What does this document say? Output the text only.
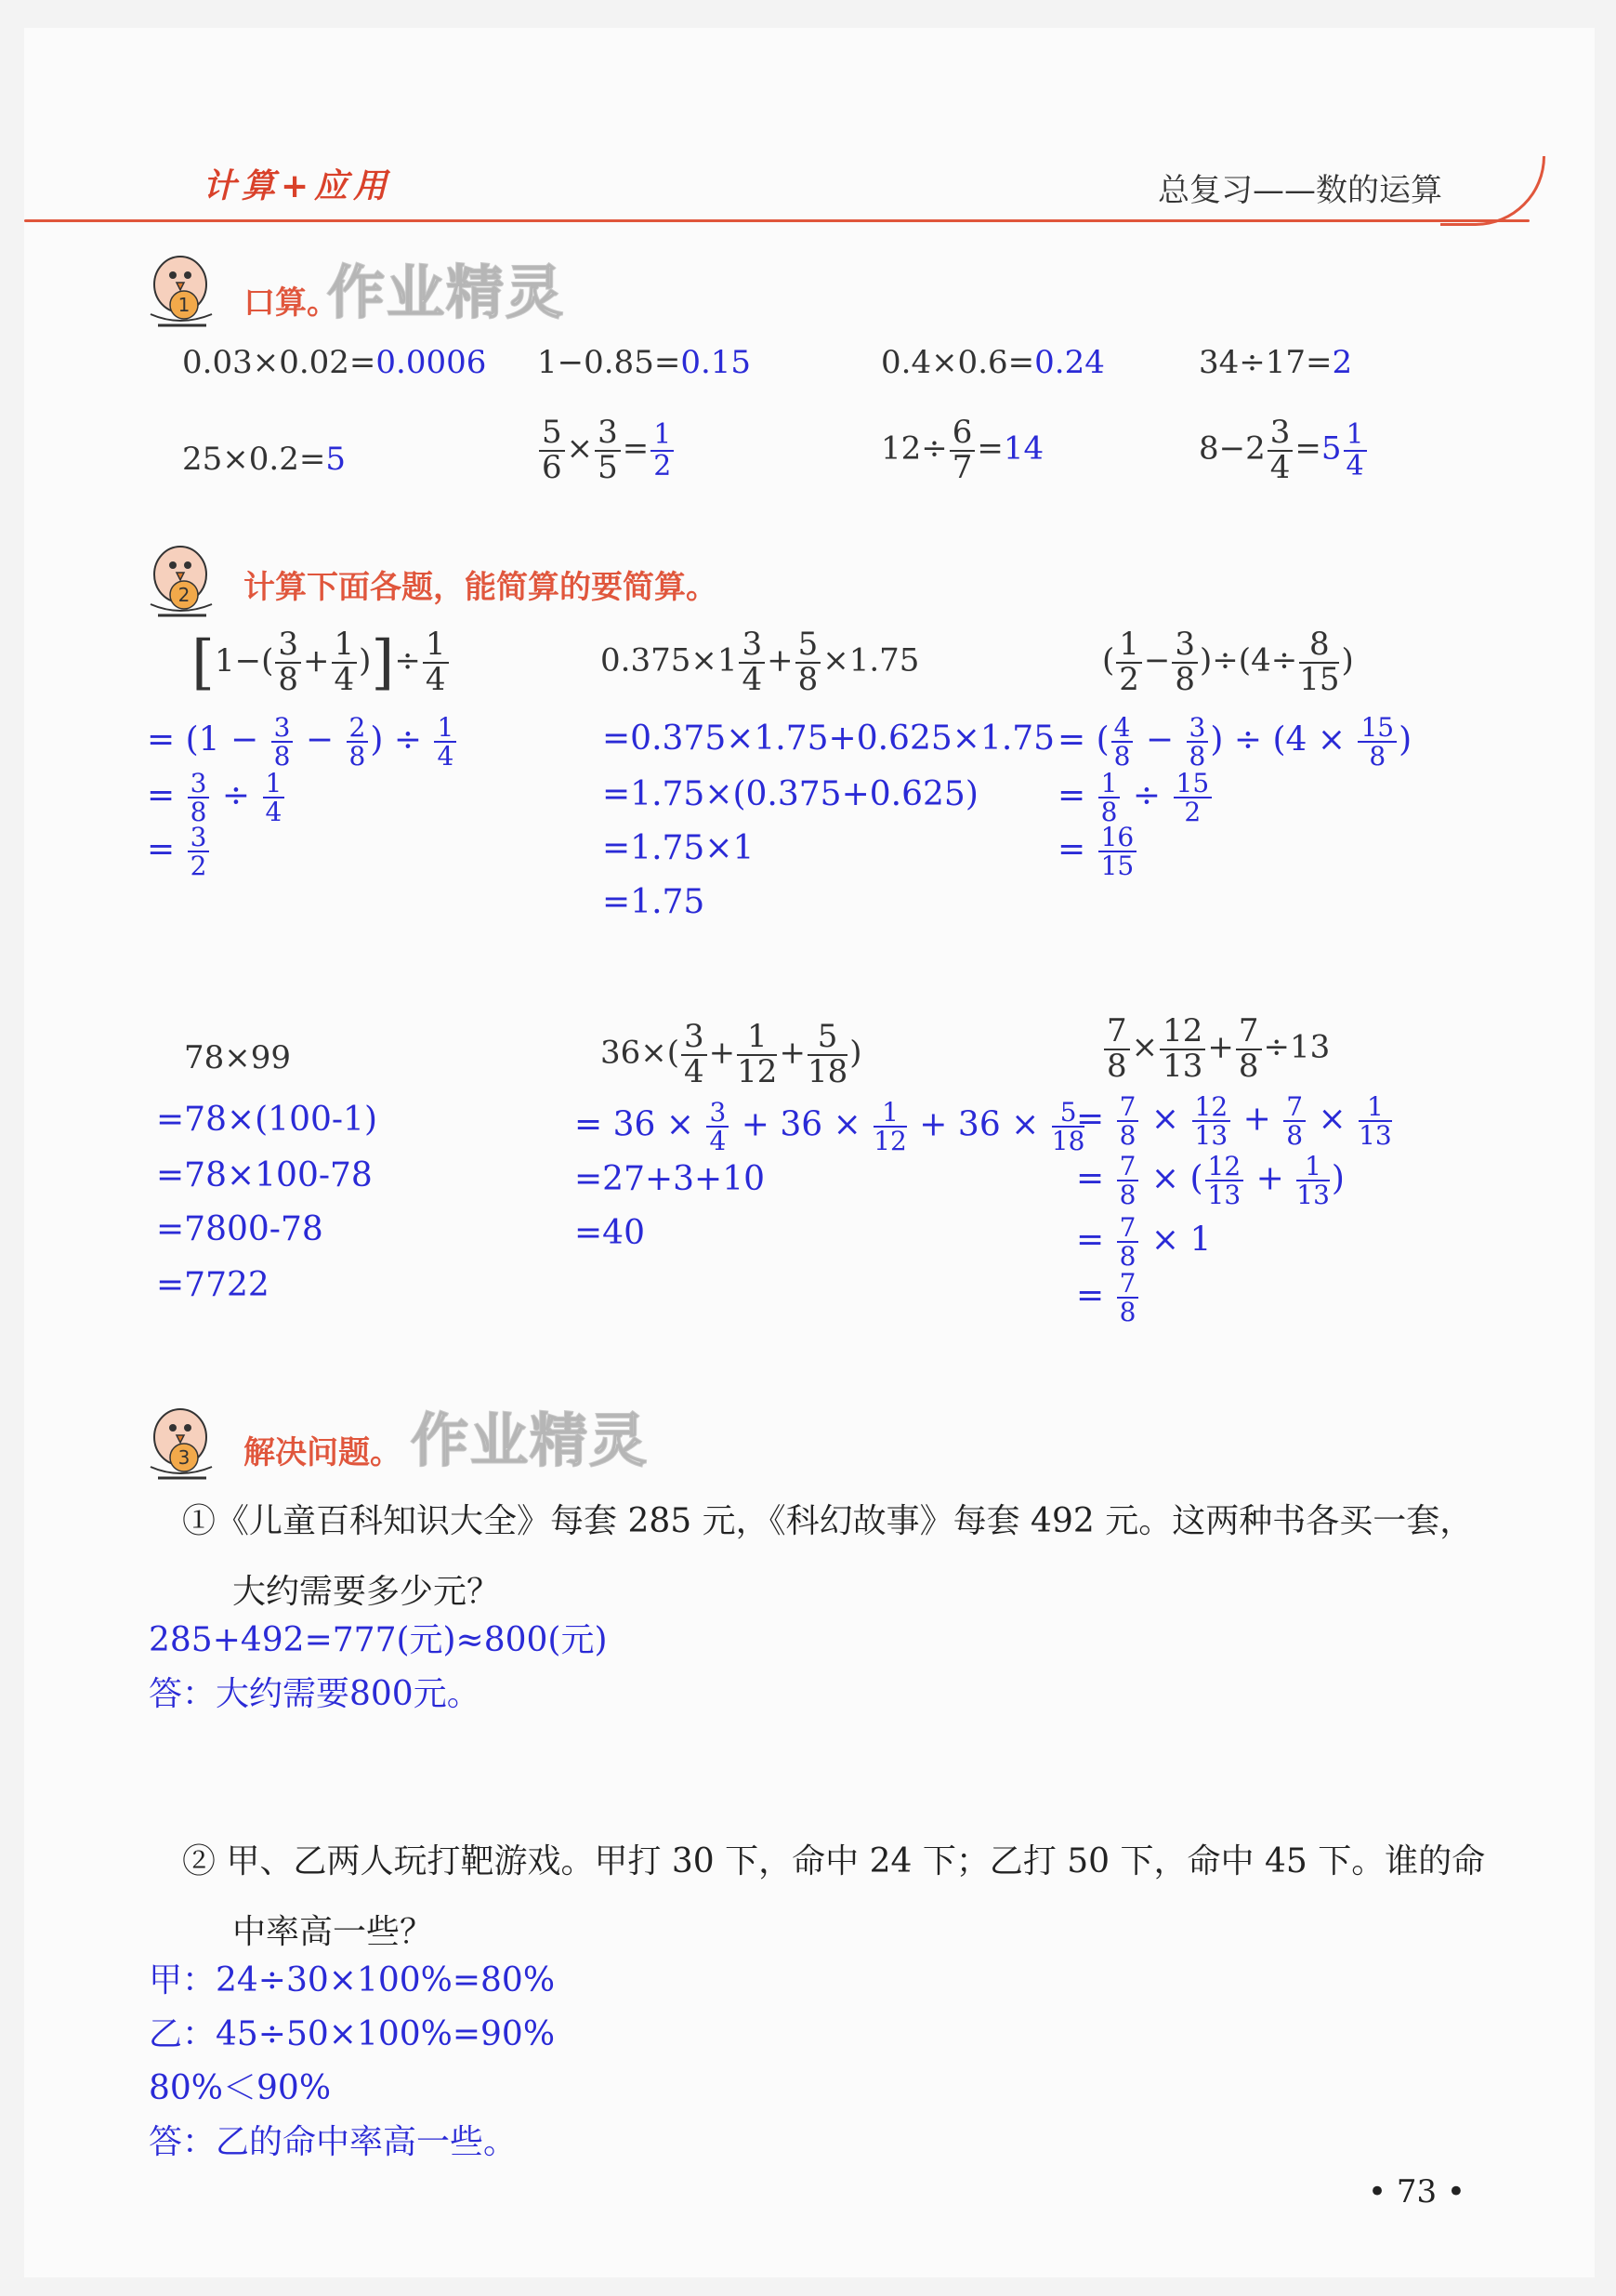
计算+应用	总复习——数的运算
1 口算。
作业精灵
0.03×0.02=0.0006 1−0.85=0.15	0.4×0.6=0.24	34÷17=2
25×0.2=5	$\frac{5}{6} \times \frac{3}{5} = \frac{1}{2}$	$12\div \frac{6}{7} =14$	$8-2 \frac{3}{4} =5 \frac{1}{4}$
2 计算下面各题，能简算的要简算。
[$1-( \frac{3}{8} + \frac{1}{4}$ )]÷ $\frac{1}{4}$
= ($1 - \frac{3}{8} - \frac{2}{8}$ ) ÷ $\frac{1}{4}$
= $\frac{3}{8} \div \frac{1}{4}$
= $\frac{3}{2}$
$0.375\times 1 \frac{3}{4} + \frac{5}{8} \times 1.75$
=0.375×1.75+0.625×1.75
=1.75×(0.375+0.625)
=1.75×1
=1.75
( $\frac{1}{2} - \frac{3}{8} )\div(4\div \frac{8}{15}$ )
= ( $\frac{4}{8} - \frac{3}{8}$ ) ÷ ($4 \times \frac{15}{8}$ )
= $\frac{1}{8} \div \frac{15}{2}$
= $\frac{16}{15}$
78×99
=78×(100-1)
=78×100-78
=7800-78
=7722
$36\times( \frac{3}{4} + \frac{1}{12} + \frac{5}{18}$ )
= $36 \times \frac{3}{4} + 36 \times \frac{1}{12} + 36 \times \frac{5}{18}$
=27+3+10
=40
$\frac{7}{8} \times \frac{12}{13} + \frac{7}{8} \div 13$
= $\frac{7}{8} \times \frac{12}{13} + \frac{7}{8} \times \frac{1}{13}$
= $\frac{7}{8}$ × ( $\frac{12}{13} + \frac{1}{13}$ )
= $\frac{7}{8} \times 1$
= $\frac{7}{8}$
3 解决问题。 作业精灵
①《儿童百科知识大全》每套 285 元，《科幻故事》每套 492 元。这两种书各买一套，
大约需要多少元？
285+492=777(元)≈800(元)
答：大约需要800元。
② 甲、乙两人玩打靶游戏。甲打 30 下，命中 24 下；乙打 50 下，命中 45 下。谁的命
中率高一些？
甲：24÷30×100%=80%
乙：45÷50×100%=90%
80%＜90%
答：乙的命中率高一些。
• 73 •
